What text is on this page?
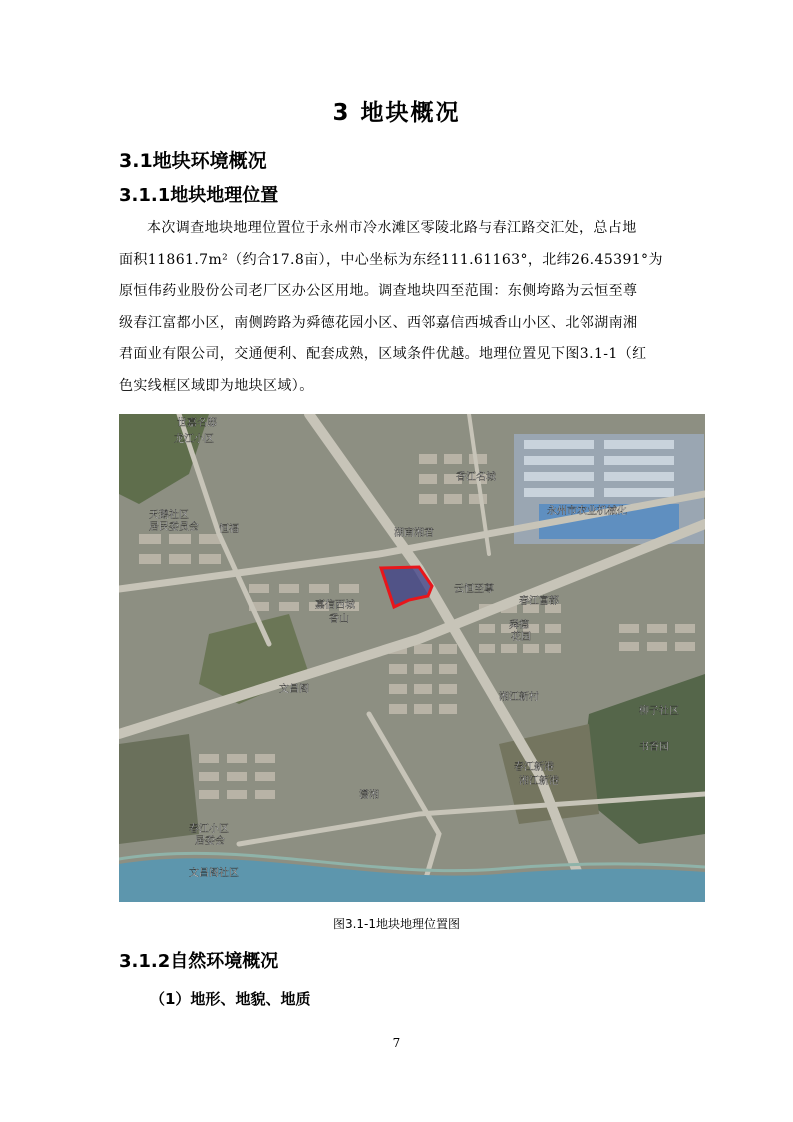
3 地块概况
3.1地块环境概况
3.1.1地块地理位置
本次调查地块地理位置位于永州市冷水滩区零陵北路与春江路交汇处，总占地
面积11861.7m²（约合17.8亩），中心坐标为东经111.61163°，北纬26.45391°为
原恒伟药业股份公司老厂区办公区用地。调查地块四至范围：东侧垮路为云恒至尊
级春江富都小区，南侧跨路为舜德花园小区、西邻嘉信西城香山小区、北邻湖南湘
君面业有限公司，交通便利、配套成熟，区域条件优越。地理位置见下图3.1-1（红
色实线框区域即为地块区域）。
世嘉名邸
龙江小区
永州市农业机械化
香江名城
天鹅社区
居民委员会 恒福	湖南湘君
嘉信西城
香山
云恒至尊
春江富都
舜德
花园
文昌阁
春江小区
湘江新村
居委会
柳子社区
春江新港
潇湘
文昌阁社区
书香园
湘江新港
图3.1-1地块地理位置图
3.1.2自然环境概况
（1）地形、地貌、地质
7
